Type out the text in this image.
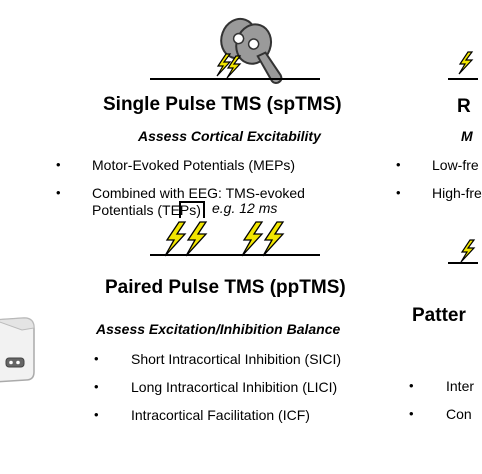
Single Pulse TMS (spTMS)
Assess Cortical Excitability
• Motor-Evoked Potentials (MEPs)
• Combined with EEG: TMS-evoked Potentials (TEPs) e.g. 12 ms
Paired Pulse TMS (ppTMS)
Assess Excitation/Inhibition Balance
• Short Intracortical Inhibition (SICI)
• Long Intracortical Inhibition (LICI)
• Intracortical Facilitation (ICF)
R
M
• Low-fre
• High-fre
Patter
• Inter
• Con
